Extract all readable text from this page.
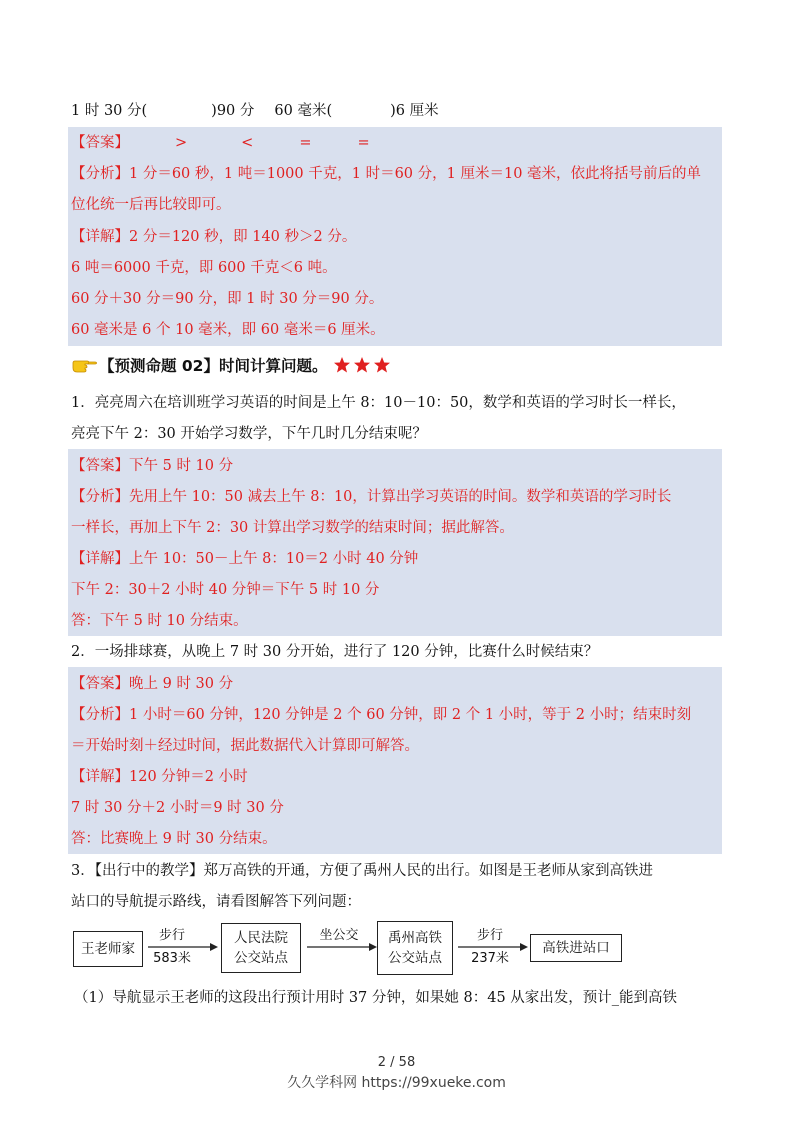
1 时 30 分(	)90 分 60 毫米(	)6 厘米
【答案】	>	<	=	=
【分析】1 分＝60 秒，1 吨＝1000 千克，1 时＝60 分，1 厘米＝10 毫米，依此将括号前后的单
位化统一后再比较即可。
【详解】2 分＝120 秒，即 140 秒＞2 分。
6 吨＝6000 千克，即 600 千克＜6 吨。
60 分＋30 分＝90 分，即 1 时 30 分＝90 分。
60 毫米是 6 个 10 毫米，即 60 毫米＝6 厘米。
【预测命题 02】时间计算问题。
1．亮亮周六在培训班学习英语的时间是上午 8：10－10：50，数学和英语的学习时长一样长，
亮亮下午 2：30 开始学习数学，下午几时几分结束呢？
【答案】下午 5 时 10 分
【分析】先用上午 10：50 减去上午 8：10，计算出学习英语的时间。数学和英语的学习时长
一样长，再加上下午 2：30 计算出学习数学的结束时间；据此解答。
【详解】上午 10：50－上午 8：10＝2 小时 40 分钟
下午 2：30＋2 小时 40 分钟＝下午 5 时 10 分
答：下午 5 时 10 分结束。
2．一场排球赛，从晚上 7 时 30 分开始，进行了 120 分钟，比赛什么时候结束？
【答案】晚上 9 时 30 分
【分析】1 小时＝60 分钟，120 分钟是 2 个 60 分钟，即 2 个 1 小时，等于 2 小时；结束时刻
＝开始时刻＋经过时间，据此数据代入计算即可解答。
【详解】120 分钟＝2 小时
7 时 30 分＋2 小时＝9 时 30 分
答：比赛晚上 9 时 30 分结束。
3．【出行中的教学】郑万高铁的开通，方便了禹州人民的出行。如图是王老师从家到高铁进
站口的导航提示路线，请看图解答下列问题：
王老师家
步行
583米
人民法院
公交站点
坐公交	禹州高铁
公交站点
步行
237米
高铁进站口
（1）导航显示王老师的这段出行预计用时 37 分钟，如果她 8：45 从家出发，预计_能到高铁
2 / 58
久久学科网 https://99xueke.com
